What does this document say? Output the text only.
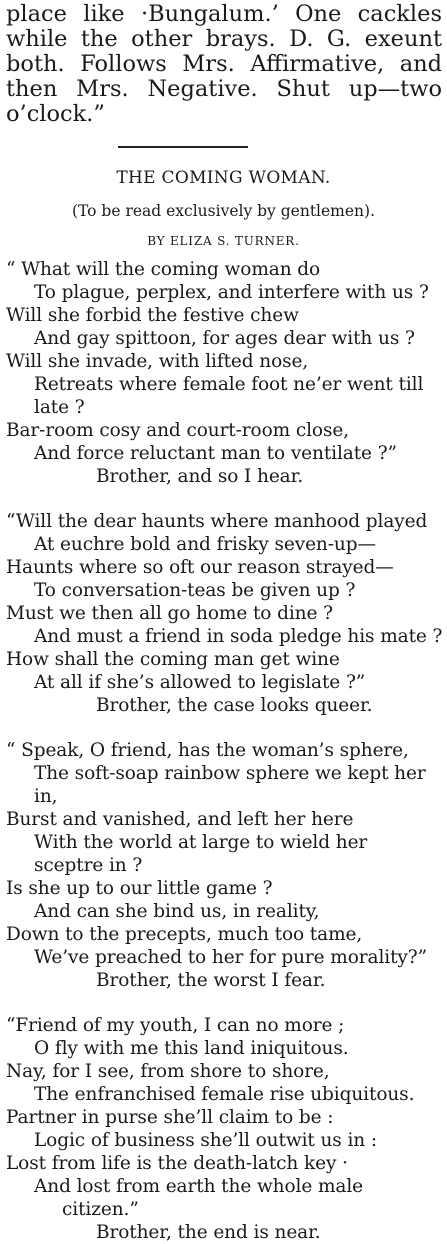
place like ·Bungalum.’ One cackles
while the other brays. D. G. exeunt
both. Follows Mrs. Affirmative, and
then Mrs. Negative. Shut up—two
o’clock.”
THE COMING WOMAN.
(To be read exclusively by gentlemen).
BY ELIZA S. TURNER.
“ What will the coming woman do
To plague, perplex, and interfere with us ?
Will she forbid the festive chew
And gay spittoon, for ages dear with us ?
Will she invade, with lifted nose,
Retreats where female foot ne’er went till
late ?
Bar-room cosy and court-room close,
And force reluctant man to ventilate ?”
Brother, and so I hear.
“Will the dear haunts where manhood played
At euchre bold and frisky seven-up—
Haunts where so oft our reason strayed—
To conversation-teas be given up ?
Must we then all go home to dine ?
And must a friend in soda pledge his mate ?
How shall the coming man get wine
At all if she’s allowed to legislate ?”
Brother, the case looks queer.
“ Speak, O friend, has the woman’s sphere,
The soft-soap rainbow sphere we kept her
in,
Burst and vanished, and left her here
With the world at large to wield her
sceptre in ?
Is she up to our little game ?
And can she bind us, in reality,
Down to the precepts, much too tame,
We’ve preached to her for pure morality?”
Brother, the worst I fear.
“Friend of my youth, I can no more ;
O fly with me this land iniquitous.
Nay, for I see, from shore to shore,
The enfranchised female rise ubiquitous.
Partner in purse she’ll claim to be :
Logic of business she’ll outwit us in :
Lost from life is the death-latch key ·
And lost from earth the whole male
citizen.”
Brother, the end is near.
